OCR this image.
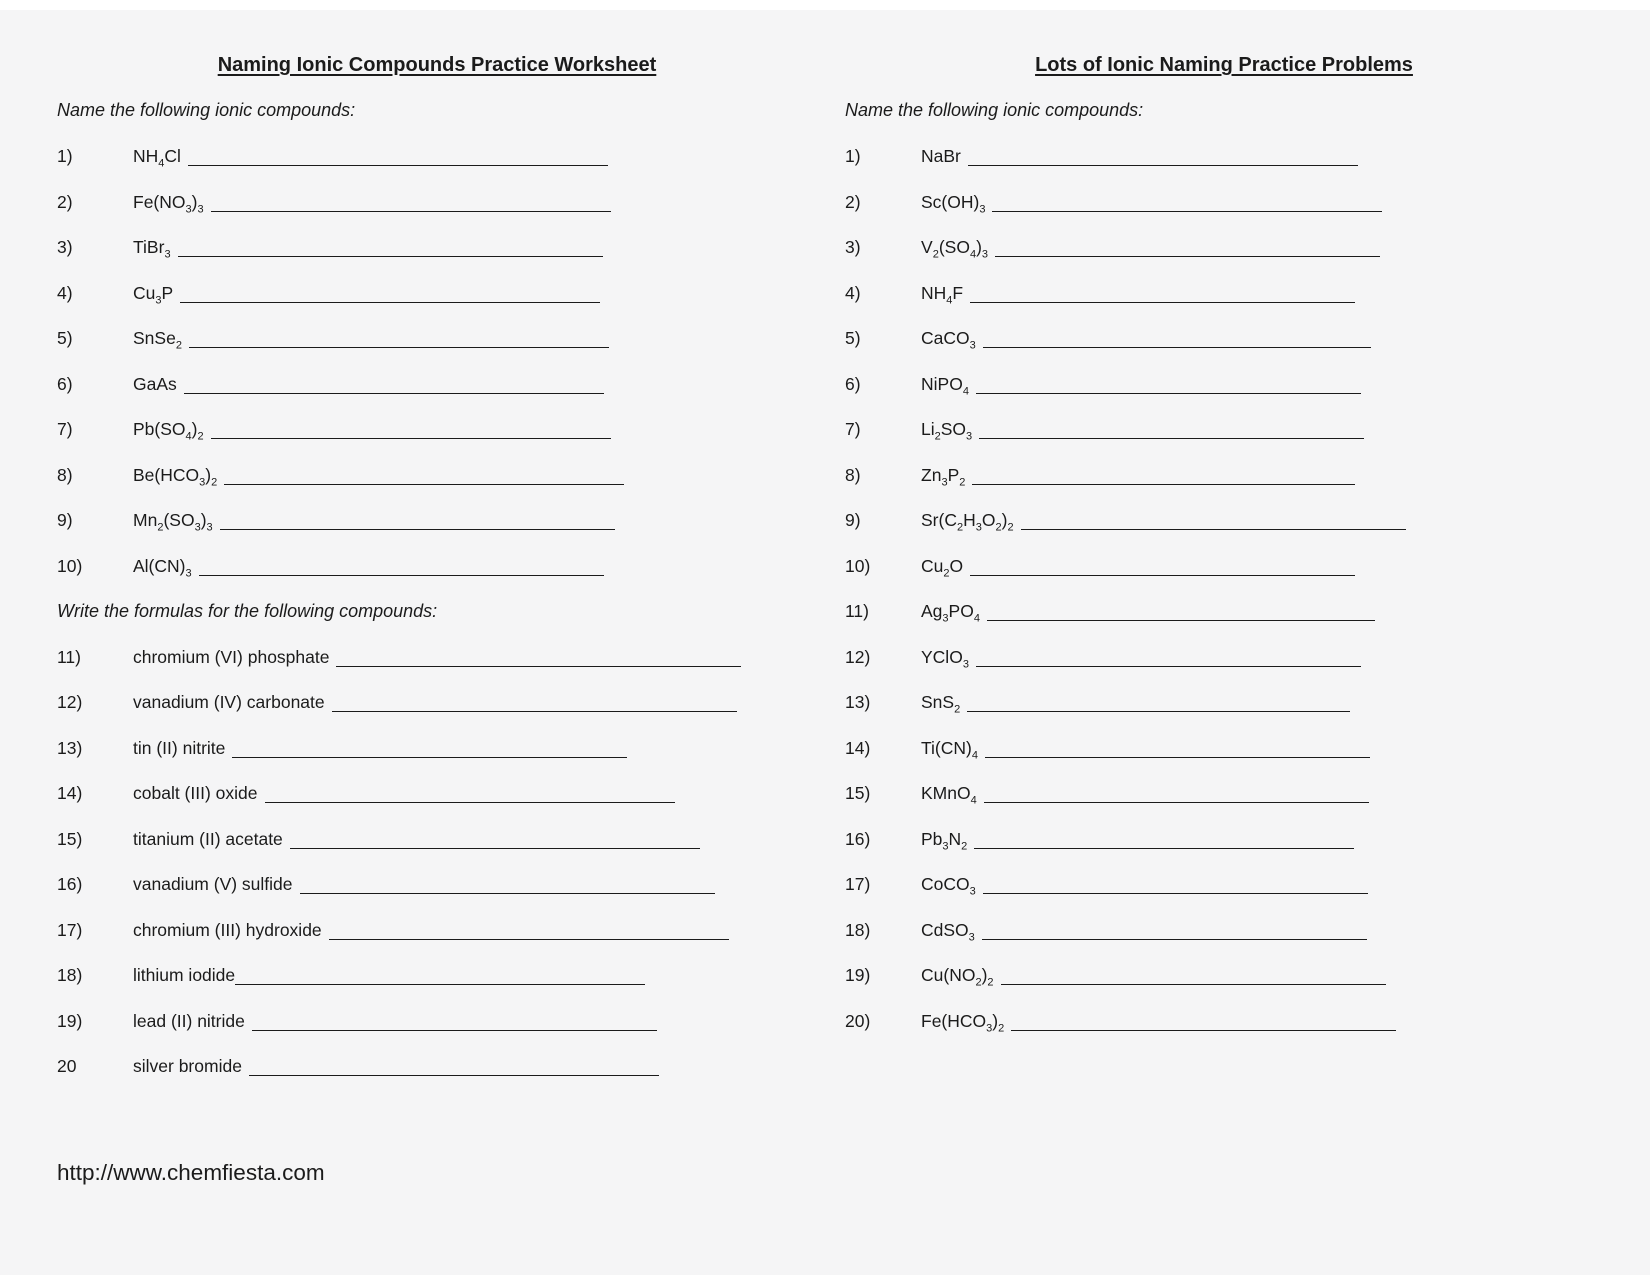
Naming Ionic Compounds Practice Worksheet
Name the following ionic compounds:
1)	$NH_4Cl$
2)	$Fe(NO_3)_3$
3)	TiBr$_3$
4)	$Cu_3P$
5)	SnSe$_2$
6)	GaAs
7)	$Pb(SO_4)_2$
8)	$Be(HCO_3)_2$
9)	$Mn_2(SO_3)_3$
10)	$Al(CN)_3$
Write the formulas for the following compounds:
11)	chromium (VI) phosphate
12)	vanadium (IV) carbonate
13)	tin (II) nitrite
14)	cobalt (III) oxide
15)	titanium (II) acetate
16)	vanadium (V) sulfide
17)	chromium (III) hydroxide
18)	lithium iodide
19)	lead (II) nitride
20	silver bromide
Lots of Ionic Naming Practice Problems
Name the following ionic compounds:
1)	NaBr
2)	$Sc(OH)_3$
3)	$V_2(SO_4)_3$
4)	$NH_4F$
5)	CaCO$_3$
6)	NiPO$_4$
7)	$Li_2SO_3$
8)	$Zn_3P_2$
9)	$Sr(C_2H_3O_2)_2$
10)	$Cu_2O$
11)	$Ag_3PO_4$
12)	YClO$_3$
13)	SnS$_2$
14)	$Ti(CN)_4$
15)	KMnO$_4$
16)	$Pb_3N_2$
17)	CoCO$_3$
18)	CdSO$_3$
19)	$Cu(NO_2)_2$
20)	$Fe(HCO_3)_2$
http://www.chemfiesta.com
